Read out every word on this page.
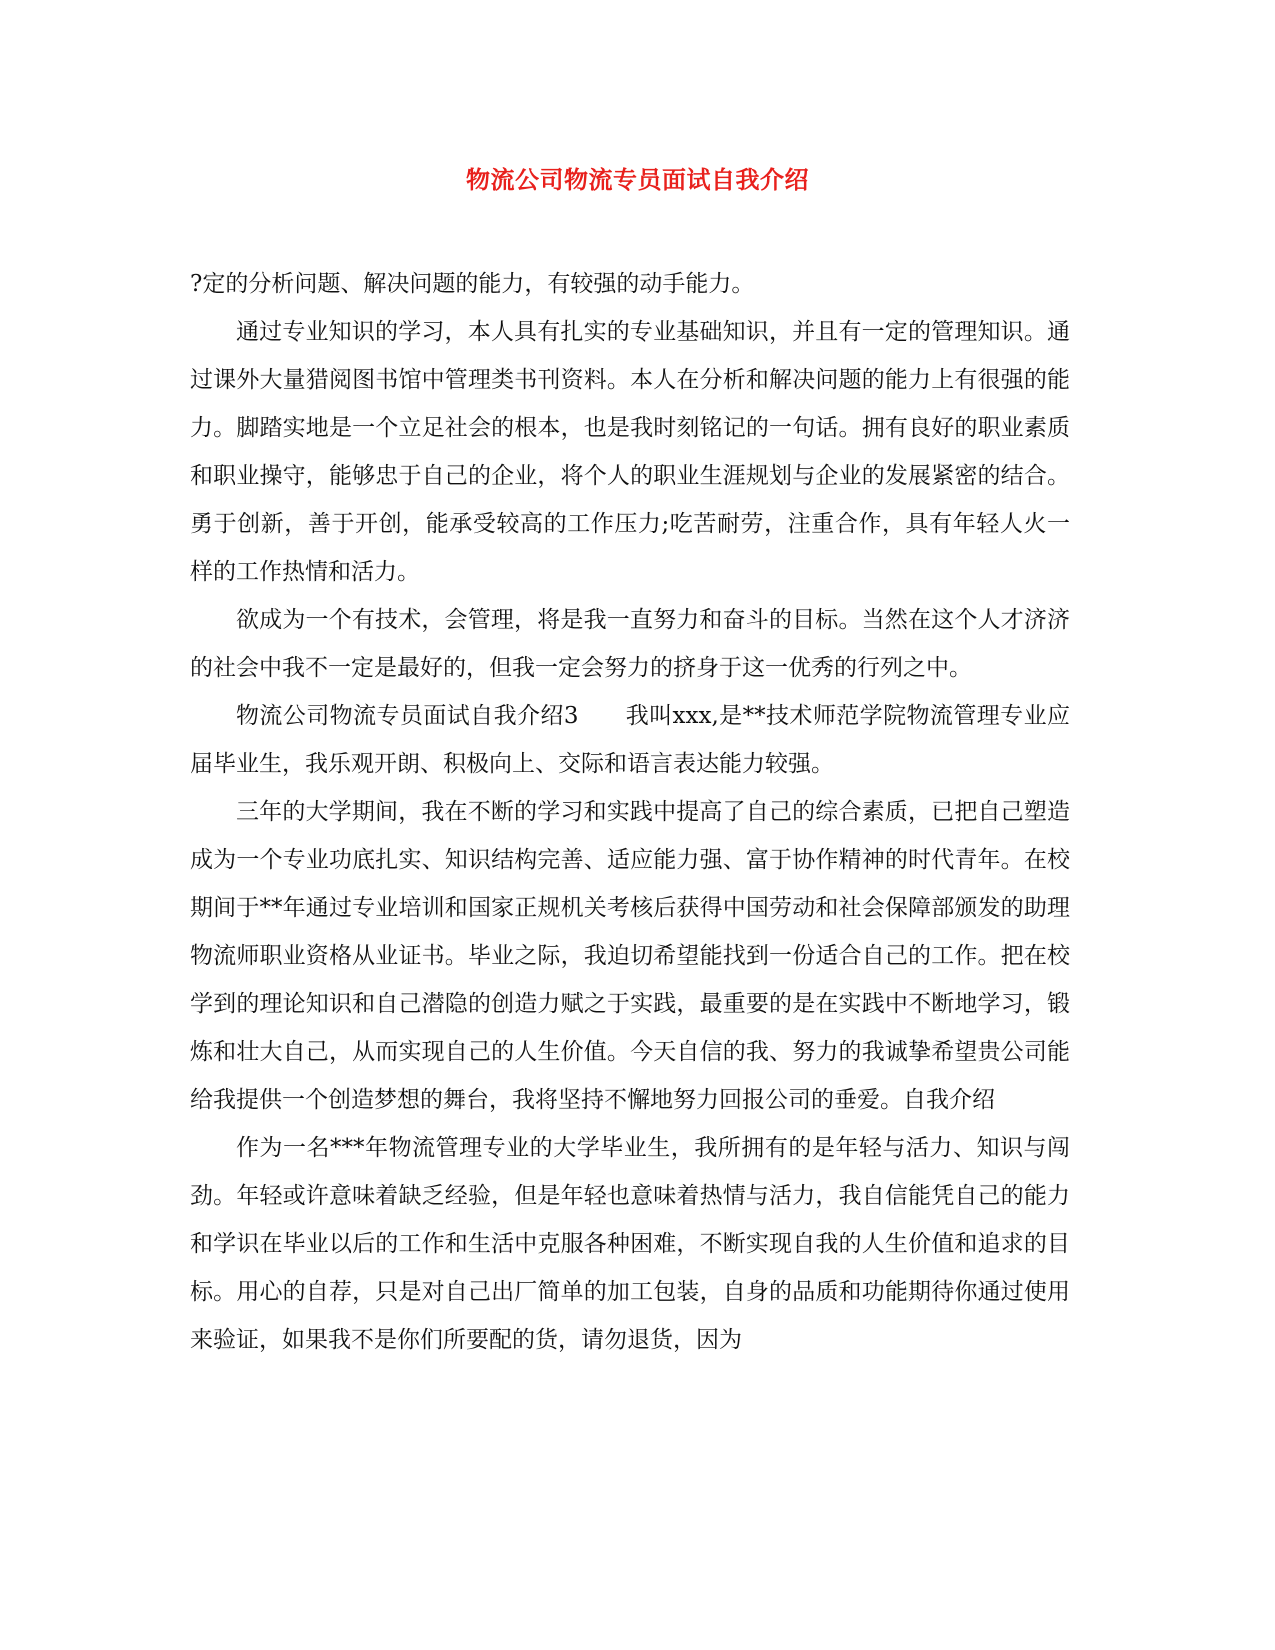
物流公司物流专员面试自我介绍

?定的分析问题、解决问题的能力，有较强的动手能力。

通过专业知识的学习，本人具有扎实的专业基础知识，并且有一定的管理知识。通过课外大量猎阅图书馆中管理类书刊资料。本人在分析和解决问题的能力上有很强的能力。脚踏实地是一个立足社会的根本，也是我时刻铭记的一句话。拥有良好的职业素质和职业操守，能够忠于自己的企业，将个人的职业生涯规划与企业的发展紧密的结合。勇于创新，善于开创，能承受较高的工作压力;吃苦耐劳，注重合作，具有年轻人火一样的工作热情和活力。

欲成为一个有技术，会管理，将是我一直努力和奋斗的目标。当然在这个人才济济的社会中我不一定是最好的，但我一定会努力的挤身于这一优秀的行列之中。

物流公司物流专员面试自我介绍3　　我叫xxx,是**技术师范学院物流管理专业应届毕业生，我乐观开朗、积极向上、交际和语言表达能力较强。

三年的大学期间，我在不断的学习和实践中提高了自己的综合素质，已把自己塑造成为一个专业功底扎实、知识结构完善、适应能力强、富于协作精神的时代青年。在校期间于**年通过专业培训和国家正规机关考核后获得中国劳动和社会保障部颁发的助理物流师职业资格从业证书。毕业之际，我迫切希望能找到一份适合自己的工作。把在校学到的理论知识和自己潜隐的创造力赋之于实践，最重要的是在实践中不断地学习，锻炼和壮大自己，从而实现自己的人生价值。今天自信的我、努力的我诚挚希望贵公司能给我提供一个创造梦想的舞台，我将坚持不懈地努力回报公司的垂爱。自我介绍

作为一名***年物流管理专业的大学毕业生，我所拥有的是年轻与活力、知识与闯劲。年轻或许意味着缺乏经验，但是年轻也意味着热情与活力，我自信能凭自己的能力和学识在毕业以后的工作和生活中克服各种困难，不断实现自我的人生价值和追求的目标。用心的自荐，只是对自己出厂简单的加工包装，自身的品质和功能期待你通过使用来验证，如果我不是你们所要配的货，请勿退货，因为
